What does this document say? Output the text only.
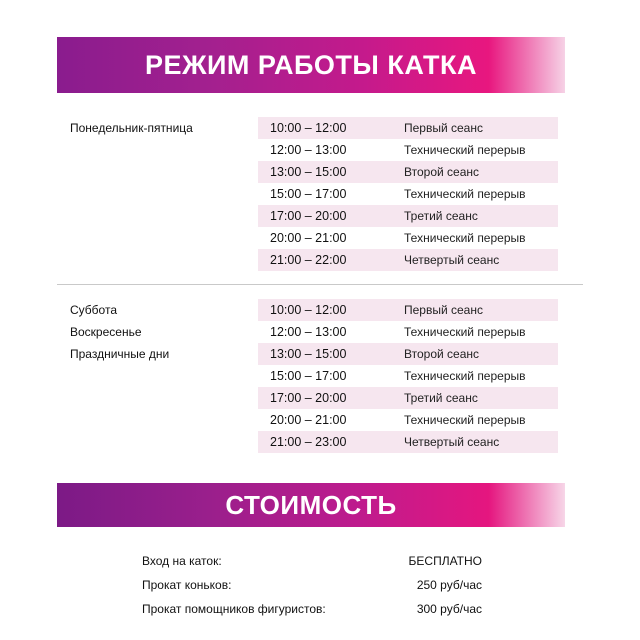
РЕЖИМ РАБОТЫ КАТКА
Понедельник-пятница	10:00 – 12:00	Первый сеанс
12:00 – 13:00	Технический перерыв
13:00 – 15:00	Второй сеанс
15:00 – 17:00	Технический перерыв
17:00 – 20:00	Третий сеанс
20:00 – 21:00	Технический перерыв
21:00 – 22:00	Четвертый сеанс
Суббота
Воскресенье
Праздничные дни
10:00 – 12:00	Первый сеанс
12:00 – 13:00	Технический перерыв
13:00 – 15:00	Второй сеанс
15:00 – 17:00	Технический перерыв
17:00 – 20:00	Третий сеанс
20:00 – 21:00	Технический перерыв
21:00 – 23:00	Четвертый сеанс
СТОИМОСТЬ
Вход на каток:	БЕСПЛАТНО
Прокат коньков:	250 руб/час
Прокат помощников фигуристов:	300 руб/час
